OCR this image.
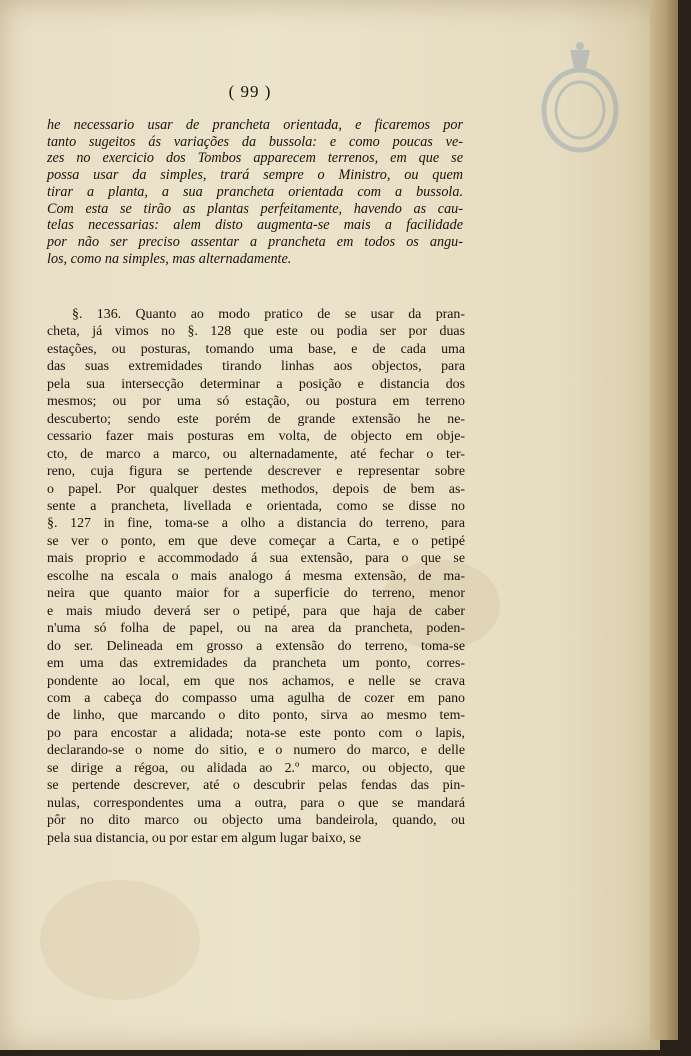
( 99 )
he necessario usar de prancheta orientada, e ficaremos por
tanto sugeitos ás variações da bussola: e como poucas ve-
zes no exercicio dos Tombos apparecem terrenos, em que se
possa usar da simples, trará sempre o Ministro, ou quem
tirar a planta, a sua prancheta orientada com a bussola.
Com esta se tirão as plantas perfeitamente, havendo as cau-
telas necessarias: alem disto augmenta-se mais a facilidade
por não ser preciso assentar a prancheta em todos os angu-
los, como na simples, mas alternadamente.
§. 136. Quanto ao modo pratico de se usar da pran-
cheta, já vimos no §. 128 que este ou podia ser por duas
estações, ou posturas, tomando uma base, e de cada uma
das suas extremidades tirando linhas aos objectos, para
pela sua intersecção determinar a posição e distancia dos
mesmos; ou por uma só estação, ou postura em terreno
descuberto; sendo este porém de grande extensão he ne-
cessario fazer mais posturas em volta, de objecto em obje-
cto, de marco a marco, ou alternadamente, até fechar o ter-
reno, cuja figura se pertende descrever e representar sobre
o papel. Por qualquer destes methodos, depois de bem as-
sente a prancheta, livellada e orientada, como se disse no
§. 127 in fine, toma-se a olho a distancia do terreno, para
se ver o ponto, em que deve começar a Carta, e o petipé
mais proprio e accommodado á sua extensão, para o que se
escolhe na escala o mais analogo á mesma extensão, de ma-
neira que quanto maior for a superficie do terreno, menor
e mais miudo deverá ser o petipé, para que haja de caber
n'uma só folha de papel, ou na area da prancheta, poden-
do ser. Delineada em grosso a extensão do terreno, toma-se
em uma das extremidades da prancheta um ponto, corres-
pondente ao local, em que nos achamos, e nelle se crava
com a cabeça do compasso uma agulha de cozer em pano
de linho, que marcando o dito ponto, sirva ao mesmo tem-
po para encostar a alidada; nota-se este ponto com o lapis,
declarando-se o nome do sitio, e o numero do marco, e delle
se dirige a régoa, ou alidada ao 2.º marco, ou objecto, que
se pertende descrever, até o descubrir pelas fendas das pin-
nulas, correspondentes uma a outra, para o que se mandará
pôr no dito marco ou objecto uma bandeirola, quando, ou
pela sua distancia, ou por estar em algum lugar baixo, se
